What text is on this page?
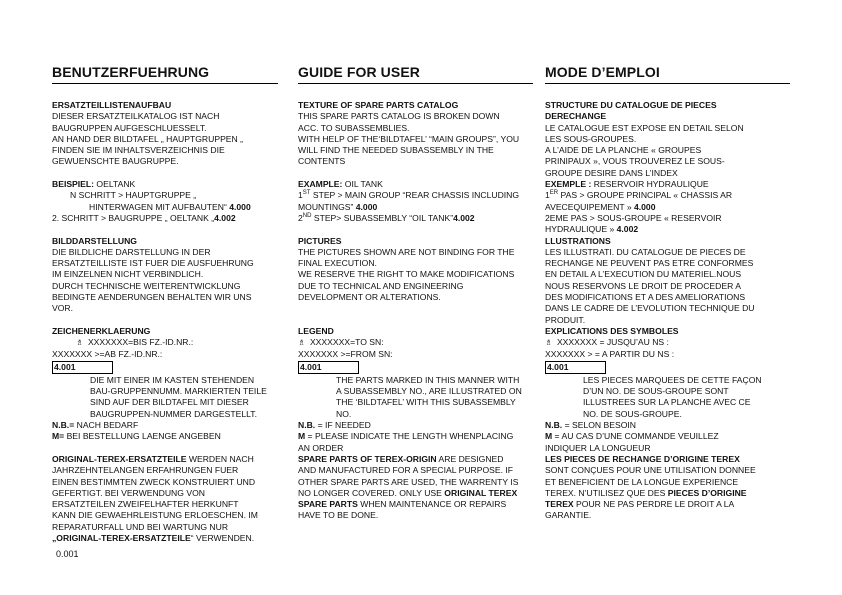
BENUTZERFUEHRUNG	GUIDE FOR USER	MODE D’EMPLOI

ERSATZTEILLISTENAUFBAU

DIESER ERSATZTEILKATALOG IST NACH

BAUGRUPPEN AUFGESCHLUESSELT.

AN HAND DER BILDTAFEL „ HAUPTGRUPPEN „

FINDEN SIE IM INHALTSVERZEICHNIS DIE

GEWUENSCHTE BAUGRUPPE.

BEISPIEL: OELTANK

N SCHRITT > HAUPTGRUPPE „

HINTERWAGEN MIT AUFBAUTEN“ 4.000

2. SCHRITT > BAUGRUPPE „ OELTANK „4.002

BILDDARSTELLUNG

DIE BILDLICHE DARSTELLUNG IN DER

ERSATZTEILLISTE IST FUER DIE AUSFUEHRUNG

IM EINZELNEN NICHT VERBINDLICH.

DURCH TECHNISCHE WEITERENTWICKLUNG

BEDINGTE AENDERUNGEN BEHALTEN WIR UNS

VOR.

ZEICHENERKLAERUNG

♗ XXXXXXX=BIS FZ.-ID.NR.:

XXXXXXX >=AB FZ.-ID.NR.:

4.001

DIE MIT EINER IM KASTEN STEHENDEN

BAU-GRUPPENNUMM. MARKIERTEN TEILE

SIND AUF DER BILDTAFEL MIT DIESER

BAUGRUPPEN-NUMMER DARGESTELLT.

N.B.= NACH BEDARF

M= BEI BESTELLUNG LAENGE ANGEBEN

ORIGINAL-TEREX-ERSATZTEILE WERDEN NACH

JAHRZEHNTELANGEN ERFAHRUNGEN FUER

EINEN BESTIMMTEN ZWECK KONSTRUIERT UND

GEFERTIGT. BEI VERWENDUNG VON

ERSATZTEILEN ZWEIFELHAFTER HERKUNFT

KANN DIE GEWAEHRLEISTUNG ERLOESCHEN. IM

REPARATURFALL UND BEI WARTUNG NUR

„ORIGINAL-TEREX-ERSATZTEILE“ VERWENDEN.

TEXTURE OF SPARE PARTS CATALOG

THIS SPARE PARTS CATALOG IS BROKEN DOWN

ACC. TO SUBASSEMBLIES.

WITH HELP OF THE‘BILDTAFEL’ “MAIN GROUPS”, YOU

WILL FIND THE NEEDED SUBASSEMBLY IN THE

CONTENTS

EXAMPLE: OIL TANK

1ST STEP > MAIN GROUP “REAR CHASSIS INCLUDING

MOUNTINGS” 4.000

2ND STEP> SUBASSEMBLY “OIL TANK”4.002

PICTURES

THE PICTURES SHOWN ARE NOT BINDING FOR THE

FINAL EXECUTION.

WE RESERVE THE RIGHT TO MAKE MODIFICATIONS

DUE TO TECHNICAL AND ENGINEERING

DEVELOPMENT OR ALTERATIONS.

LEGEND

♗ XXXXXXX=TO SN:

XXXXXXX >=FROM SN:

4.001

THE PARTS MARKED IN THIS MANNER WITH

A SUBASSEMBLY NO., ARE ILLUSTRATED ON

THE ‘BILDTAFEL’ WITH THIS SUBASSEMBLY

NO.

N.B. = IF NEEDED

M = PLEASE INDICATE THE LENGTH WHENPLACING

AN ORDER

SPARE PARTS OF TEREX-ORIGIN ARE DESIGNED

AND MANUFACTURED FOR A SPECIAL PURPOSE. IF

OTHER SPARE PARTS ARE USED, THE WARRENTY IS

NO LONGER COVERED. ONLY USE ORIGINAL TEREX

SPARE PARTS WHEN MAINTENANCE OR REPAIRS

HAVE TO BE DONE.

STRUCTURE DU CATALOGUE DE PIECES

DERECHANGE

LE CATALOGUE EST EXPOSE EN DETAIL SELON

LES SOUS-GROUPES.

A L’AIDE DE LA PLANCHE « GROUPES

PRINIPAUX », VOUS TROUVEREZ LE SOUS-

GROUPE DESIRE DANS L’INDEX

EXEMPLE : RESERVOIR HYDRAULIQUE

1ER PAS > GROUPE PRINCIPAL « CHASSIS AR

AVECEQUIPEMENT » 4.000

2EME PAS > SOUS-GROUPE « RESERVOIR

HYDRAULIQUE » 4.002

LLUSTRATIONS

LES ILLUSTRATI. DU CATALOGUE DE PIECES DE

RECHANGE NE PEUVENT PAS ETRE CONFORMES

EN DETAIL A L’EXECUTION DU MATERIEL.NOUS

NOUS RESERVONS LE DROIT DE PROCEDER A

DES MODIFICATIONS ET A DES AMELIORATIONS

DANS LE CADRE DE L’EVOLUTION TECHNIQUE DU

PRODUIT.

EXPLICATIONS DES SYMBOLES

♗ XXXXXXX = JUSQU’AU NS :

XXXXXXX > = A PARTIR DU NS :

4.001

LES PIECES MARQUEES DE CETTE FAÇON

D’UN NO. DE SOUS-GROUPE SONT

ILLUSTREES SUR LA PLANCHE AVEC CE

NO. DE SOUS-GROUPE.

N.B. = SELON BESOIN

M = AU CAS D’UNE COMMANDE VEUILLEZ

INDIQUER LA LONGUEUR

LES PIECES DE RECHANGE D’ORIGINE TEREX

SONT CONÇUES POUR UNE UTILISATION DONNEE

ET BENEFICIENT DE LA LONGUE EXPERIENCE

TEREX. N’UTILISEZ QUE DES PIECES D’ORIGINE

TEREX POUR NE PAS PERDRE LE DROIT A LA

GARANTIE.

0.001
